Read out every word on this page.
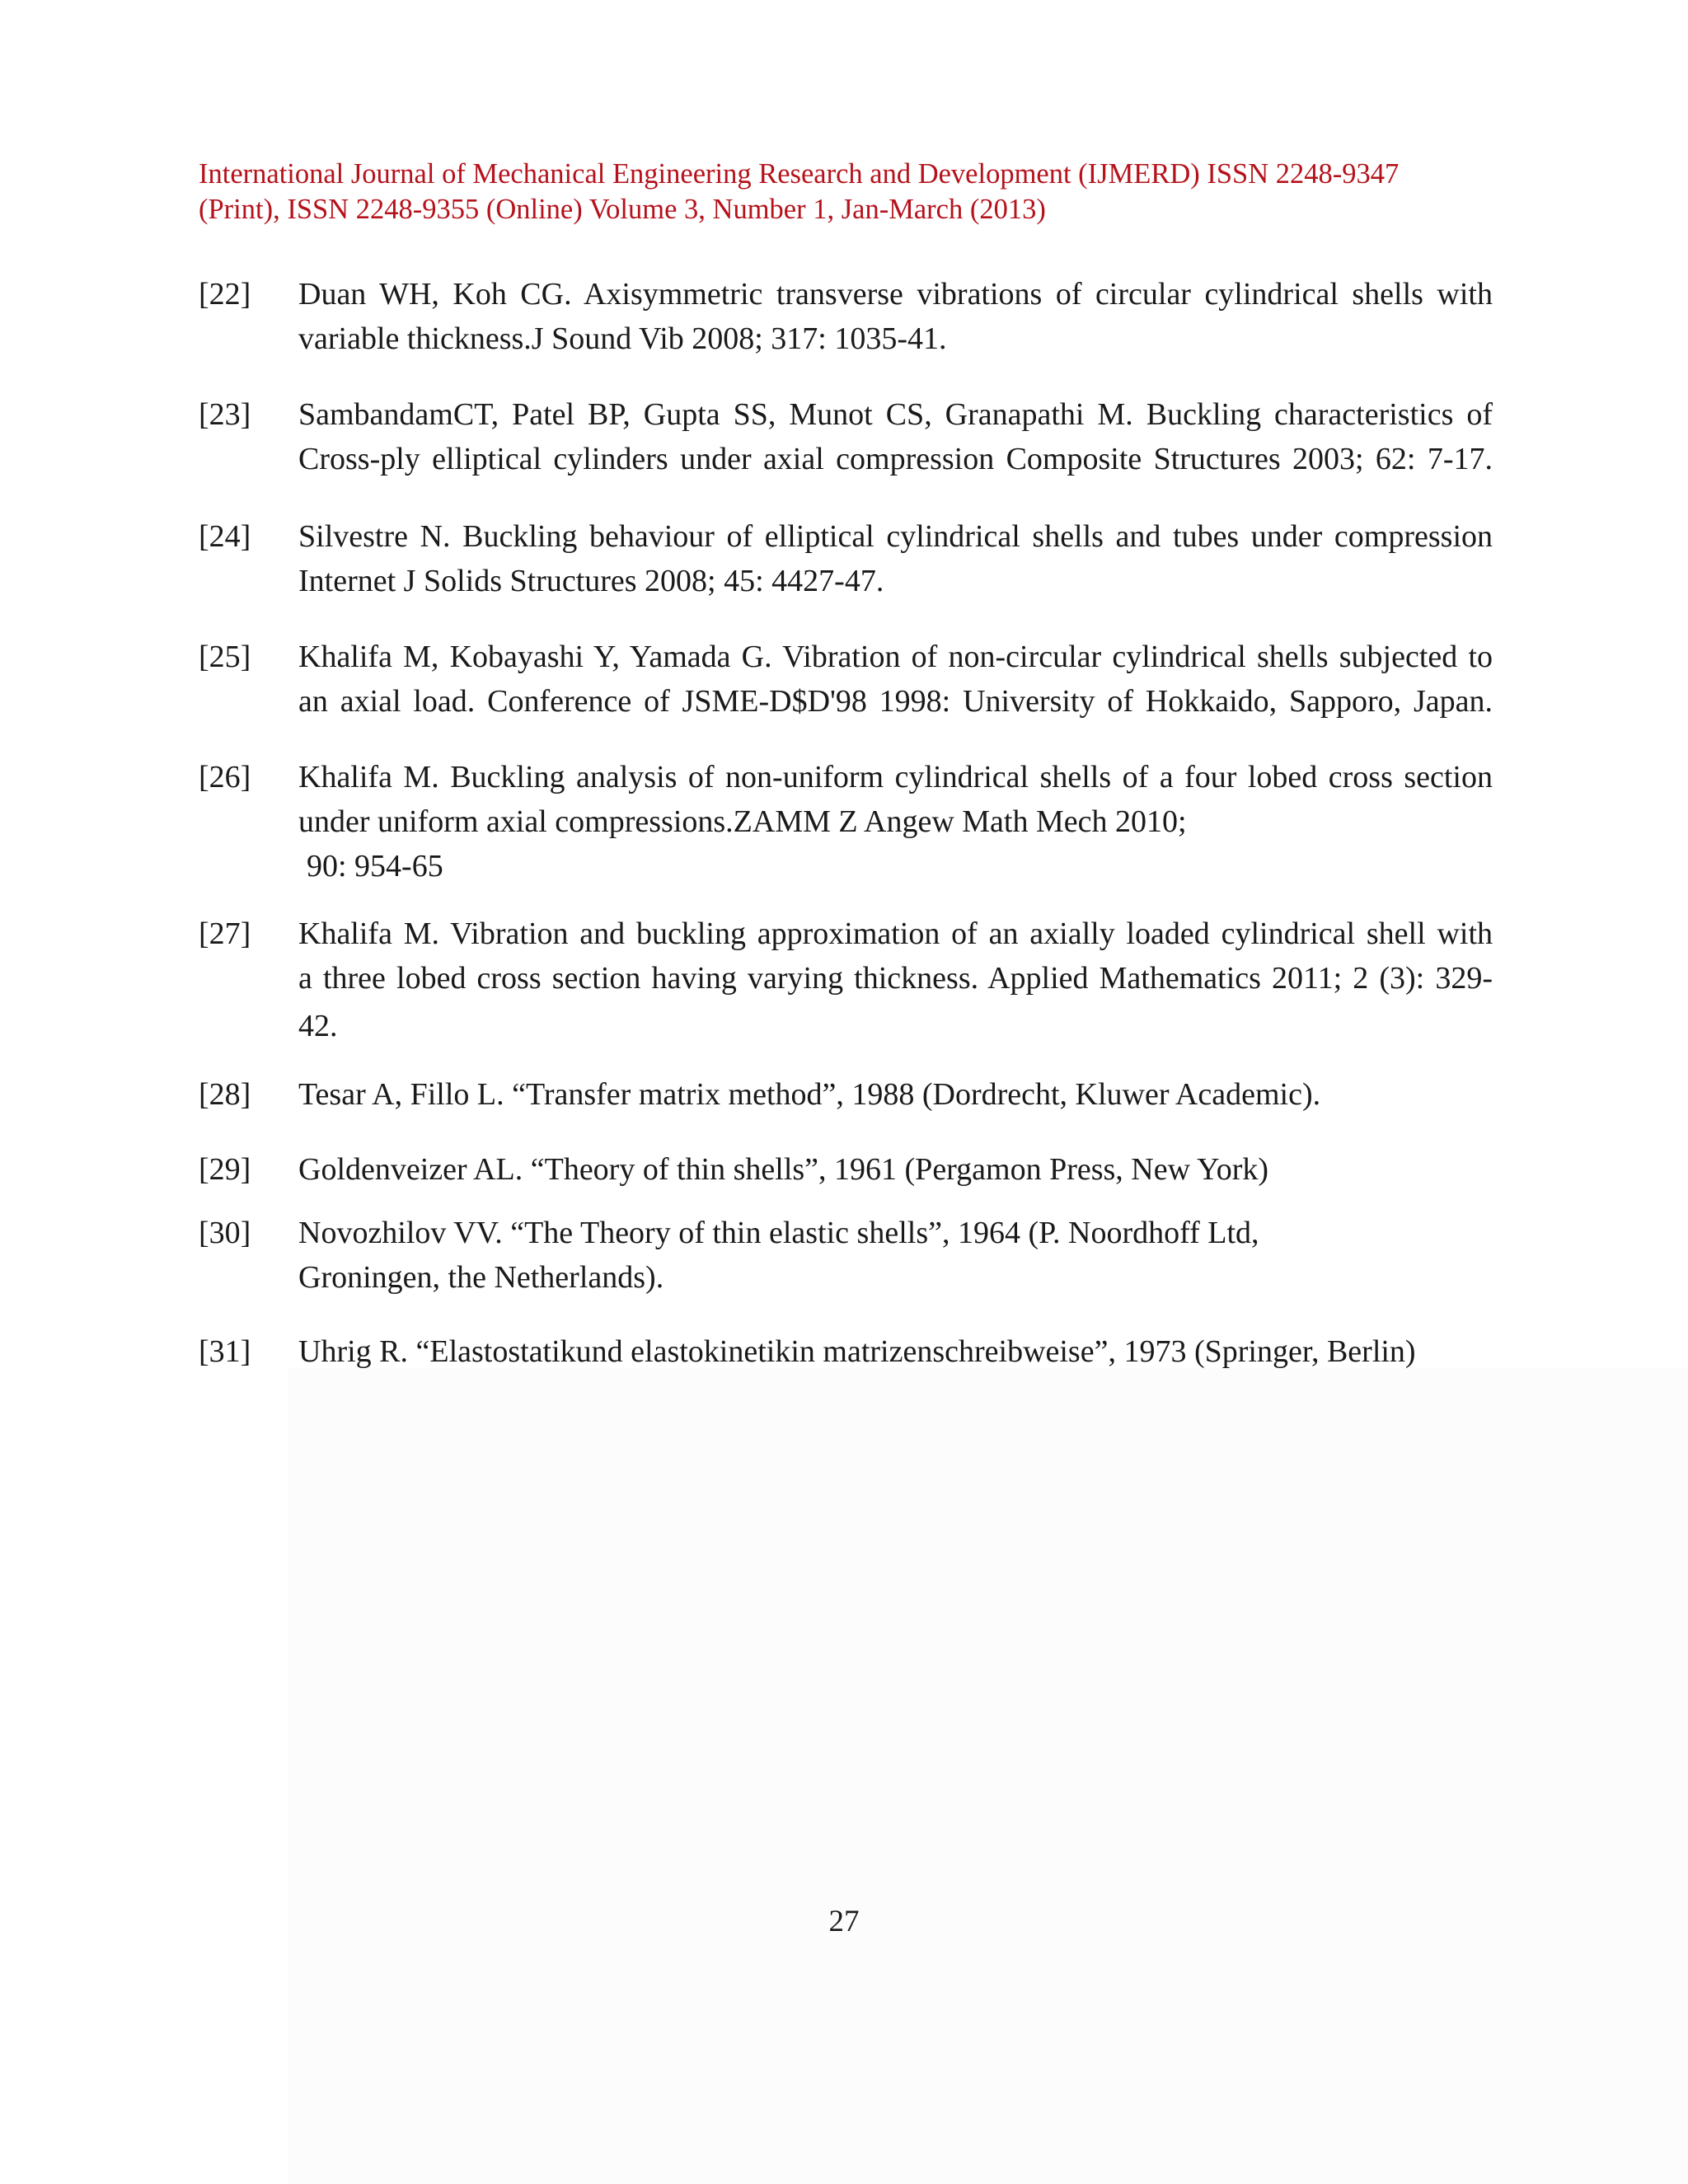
International Journal of Mechanical Engineering Research and Development (IJMERD) ISSN 2248-9347
(Print), ISSN 2248-9355 (Online) Volume 3, Number 1, Jan-March (2013)
[22]	Duan WH, Koh CG. Axisymmetric transverse vibrations of circular cylindrical shells with
variable thickness.J Sound Vib 2008; 317: 1035-41.
[23]	SambandamCT, Patel BP, Gupta SS, Munot CS, Granapathi M. Buckling characteristics of
Cross-ply elliptical cylinders under axial compression Composite Structures 2003; 62: 7-17.
[24]	Silvestre N. Buckling behaviour of elliptical cylindrical shells and tubes under compression
Internet J Solids Structures 2008; 45: 4427-47.
[25]	Khalifa M, Kobayashi Y, Yamada G. Vibration of non-circular cylindrical shells subjected to
an axial load. Conference of JSME-D$D'98 1998: University of Hokkaido, Sapporo, Japan.
[26]	Khalifa M. Buckling analysis of non-uniform cylindrical shells of a four lobed cross section
under uniform axial compressions.ZAMM Z Angew Math Mech 2010;
90: 954-65
[27]	Khalifa M. Vibration and buckling approximation of an axially loaded cylindrical shell with
a three lobed cross section having varying thickness. Applied Mathematics 2011; 2 (3): 329-
42.
[28]	Tesar A, Fillo L. “Transfer matrix method”, 1988 (Dordrecht, Kluwer Academic).
[29]	Goldenveizer AL. “Theory of thin shells”, 1961 (Pergamon Press, New York)
[30]	Novozhilov VV. “The Theory of thin elastic shells”, 1964 (P. Noordhoff Ltd,
Groningen, the Netherlands).
[31]	Uhrig R. “Elastostatikund elastokinetikin matrizenschreibweise”, 1973 (Springer, Berlin)
27
